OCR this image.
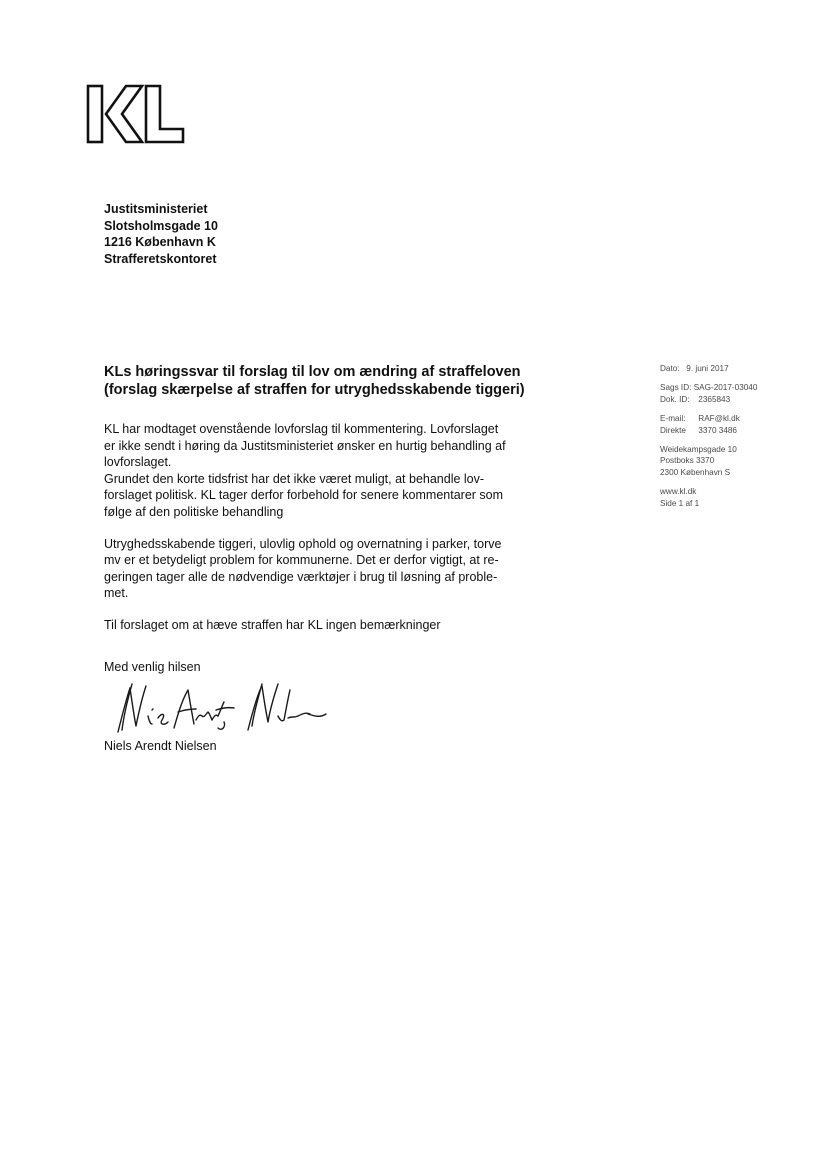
Justitsministeriet
Slotsholmsgade 10
1216 København K
Strafferetskontoret
KLs høringssvar til forslag til lov om ændring af straffeloven
(forslag skærpelse af straffen for utryghedsskabende tiggeri)
KL har modtaget ovenstående lovforslag til kommentering. Lovforslaget
er ikke sendt i høring da Justitsministeriet ønsker en hurtig behandling af
lovforslaget.
Grundet den korte tidsfrist har det ikke været muligt, at behandle lov-
forslaget politisk. KL tager derfor forbehold for senere kommentarer som
følge af den politiske behandling
Utryghedsskabende tiggeri, ulovlig ophold og overnatning i parker, torve
mv er et betydeligt problem for kommunerne. Det er derfor vigtigt, at re-
geringen tager alle de nødvendige værktøjer i brug til løsning af proble-
met.
Til forslaget om at hæve straffen har KL ingen bemærkninger
Med venlig hilsen
Niels Arendt Nielsen
Dato: 9. juni 2017
Sags ID: SAG-2017-03040
Dok. ID: 2365843
E-mail: RAF@kl.dk
Direkte 3370 3486
Weidekampsgade 10
Postboks 3370
2300 København S
www.kl.dk
Side 1 af 1
